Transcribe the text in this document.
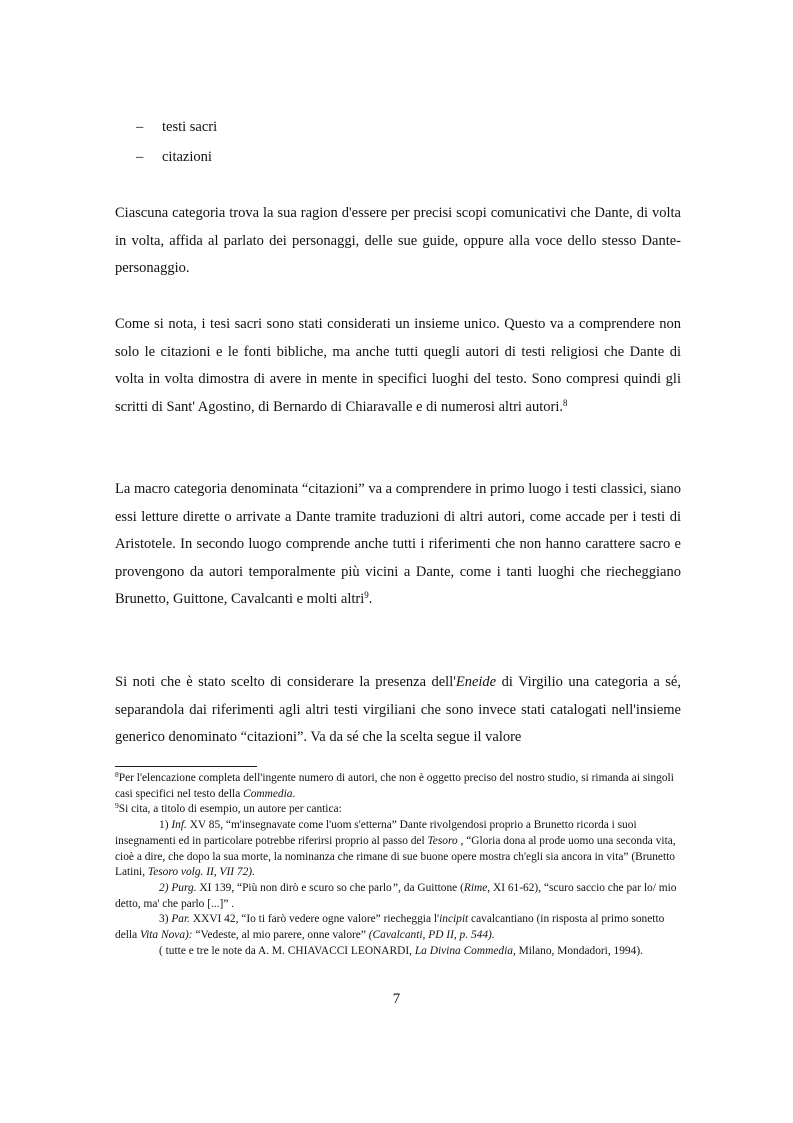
– testi sacri
– citazioni

Ciascuna categoria trova la sua ragion d'essere per precisi scopi comunicativi che Dante, di volta in volta, affida al parlato dei personaggi, delle sue guide, oppure alla voce dello stesso Dante-personaggio.

Come si nota, i tesi sacri sono stati considerati un insieme unico. Questo va a comprendere non solo le citazioni e le fonti bibliche, ma anche tutti quegli autori di testi religiosi che Dante di volta in volta dimostra di avere in mente in specifici luoghi del testo. Sono compresi quindi gli scritti di Sant' Agostino, di Bernardo di Chiaravalle e di numerosi altri autori.$^8$

La macro categoria denominata “citazioni” va a comprendere in primo luogo i testi classici, siano essi letture dirette o arrivate a Dante tramite traduzioni di altri autori, come accade per i testi di Aristotele. In secondo luogo comprende anche tutti i riferimenti che non hanno carattere sacro e provengono da autori temporalmente più vicini a Dante, come i tanti luoghi che riecheggiano Brunetto, Guittone, Cavalcanti e molti altri$^9$.

Si noti che è stato scelto di considerare la presenza dell'Eneide di Virgilio una categoria a sé, separandola dai riferimenti agli altri testi virgiliani che sono invece stati catalogati nell'insieme generico denominato “citazioni”. Va da sé che la scelta segue il valore

$^8$Per l'elencazione completa dell'ingente numero di autori, che non è oggetto preciso del nostro studio, si rimanda ai singoli casi specifici nel testo della Commedia.
$^9$Si cita, a titolo di esempio, un autore per cantica:
1) Inf. XV 85, “m'insegnavate come l'uom s'etterna” Dante rivolgendosi proprio a Brunetto ricorda i suoi insegnamenti ed in particolare potrebbe riferirsi proprio al passo del Tesoro , “Gloria dona al prode uomo una seconda vita, cioè a dire, che dopo la sua morte, la nominanza che rimane di sue buone opere mostra ch'egli sia ancora in vita” (Brunetto Latini, Tesoro volg. II, VII 72).
2) Purg. XI 139, “Più non dirò e scuro so che parlo”, da Guittone (Rime, XI 61-62), “scuro saccio che par lo/ mio detto, ma' che parlo [...]” .
3) Par. XXVI 42, “Io ti farò vedere ogne valore” riecheggia l'incipit cavalcantiano (in risposta al primo sonetto della Vita Nova): “Vedeste, al mio parere, onne valore” (Cavalcanti, PD II, p. 544).
( tutte e tre le note da A. M. CHIAVACCI LEONARDI, La Divina Commedia, Milano, Mondadori, 1994).
7
